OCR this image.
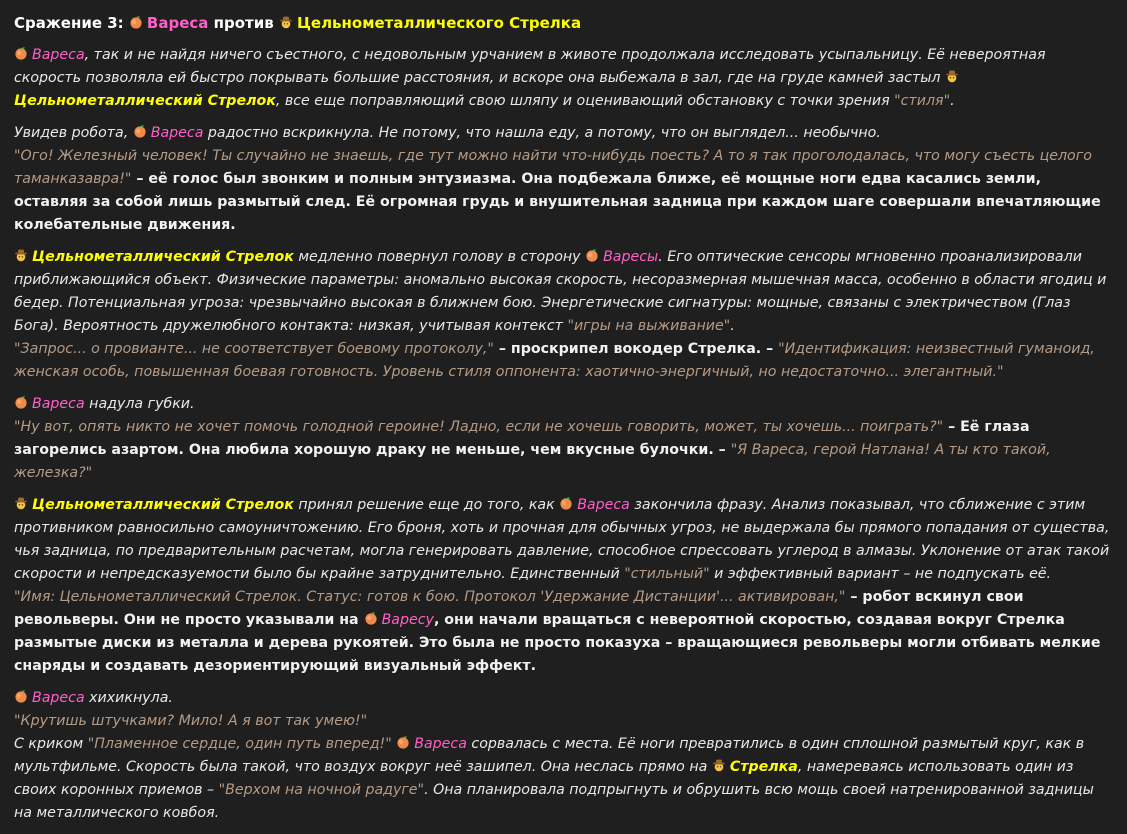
Сражение 3: Вареса против Цельнометаллического Стрелка

Вареса, так и не найдя ничего съестного, с недовольным урчанием в животе продолжала исследовать усыпальницу. Её невероятная скорость позволяла ей быстро покрывать большие расстояния, и вскоре она выбежала в зал, где на груде камней застыл Цельнометаллический Стрелок, все еще поправляющий свою шляпу и оценивающий обстановку с точки зрения "стиля".

Увидев робота, Вареса радостно вскрикнула. Не потому, что нашла еду, а потому, что он выглядел... необычно.
"Ого! Железный человек! Ты случайно не знаешь, где тут можно найти что-нибудь поесть? А то я так проголодалась, что могу съесть целого таманказавра!" – её голос был звонким и полным энтузиазма. Она подбежала ближе, её мощные ноги едва касались земли, оставляя за собой лишь размытый след. Её огромная грудь и внушительная задница при каждом шаге совершали впечатляющие колебательные движения.

Цельнометаллический Стрелок медленно повернул голову в сторону Варесы. Его оптические сенсоры мгновенно проанализировали приближающийся объект. Физические параметры: аномально высокая скорость, несоразмерная мышечная масса, особенно в области ягодиц и бедер. Потенциальная угроза: чрезвычайно высокая в ближнем бою. Энергетические сигнатуры: мощные, связаны с электричеством (Глаз Бога). Вероятность дружелюбного контакта: низкая, учитывая контекст "игры на выживание".
"Запрос... о провианте... не соответствует боевому протоколу," – проскрипел вокодер Стрелка. – "Идентификация: неизвестный гуманоид, женская особь, повышенная боевая готовность. Уровень стиля оппонента: хаотично-энергичный, но недостаточно... элегантный."

Вареса надула губки.
"Ну вот, опять никто не хочет помочь голодной героине! Ладно, если не хочешь говорить, может, ты хочешь... поиграть?" – Её глаза загорелись азартом. Она любила хорошую драку не меньше, чем вкусные булочки. – "Я Вареса, герой Натлана! А ты кто такой, железка?"

Цельнометаллический Стрелок принял решение еще до того, как Вареса закончила фразу. Анализ показывал, что сближение с этим противником равносильно самоуничтожению. Его броня, хоть и прочная для обычных угроз, не выдержала бы прямого попадания от существа, чья задница, по предварительным расчетам, могла генерировать давление, способное спрессовать углерод в алмазы. Уклонение от атак такой скорости и непредсказуемости было бы крайне затруднительно. Единственный "стильный" и эффективный вариант – не подпускать её.
"Имя: Цельнометаллический Стрелок. Статус: готов к бою. Протокол 'Удержание Дистанции'... активирован," – робот вскинул свои револьверы. Они не просто указывали на Варесу, они начали вращаться с невероятной скоростью, создавая вокруг Стрелка размытые диски из металла и дерева рукоятей. Это была не просто показуха – вращающиеся револьверы могли отбивать мелкие снаряды и создавать дезориентирующий визуальный эффект.

Вареса хихикнула.
"Крутишь штучками? Мило! А я вот так умею!"
С криком "Пламенное сердце, один путь вперед!" Вареса сорвалась с места. Её ноги превратились в один сплошной размытый круг, как в мультфильме. Скорость была такой, что воздух вокруг неё зашипел. Она неслась прямо на Стрелка, намереваясь использовать один из своих коронных приемов – "Верхом на ночной радуге". Она планировала подпрыгнуть и обрушить всю мощь своей натренированной задницы на металлического ковбоя.
